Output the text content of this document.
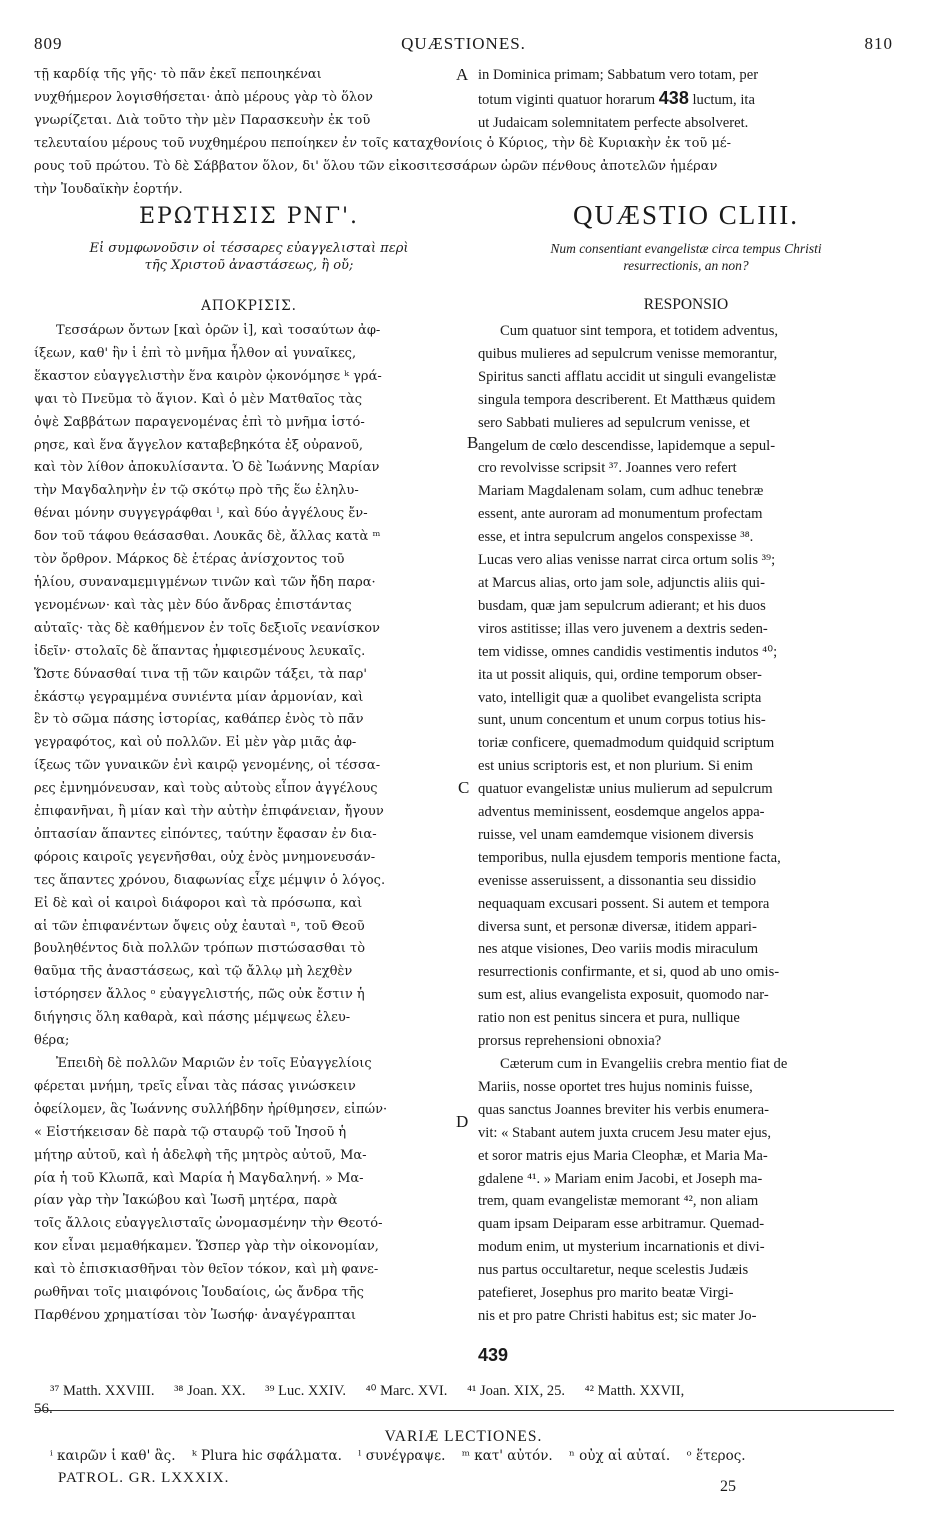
809	QUÆSTIONES.	810

τῇ καρδίᾳ τῆς γῆς· τὸ πᾶν ἐκεῖ πεποιηκέναι

νυχθήμερον λογισθήσεται· ἀπὸ μέρους γὰρ τὸ ὅλον

γνωρίζεται. Διὰ τοῦτο τὴν μὲν Παρασκευὴν ἐκ τοῦ

A in Dominica primam; Sabbatum vero totam, per

totum viginti quatuor horarum 438 luctum, ita

ut Judaicam solemnitatem perfecte absolveret.

τελευταίου μέρους τοῦ νυχθημέρου πεποίηκεν ἐν τοῖς καταχθονίοις ὁ Κύριος, τὴν δὲ Κυριακὴν ἐκ τοῦ μέ-

ρους τοῦ πρώτου. Τὸ δὲ Σάββατον ὅλον, δι' ὅλου τῶν εἰκοσιτεσσάρων ὡρῶν πένθους ἀποτελῶν ἡμέραν

τὴν Ἰουδαϊκὴν ἑορτήν.

ΕΡΩΤΗΣΙΣ ΡΝΓ'.	QUÆSTIO CLIII.
Εἰ συμφωνοῦσιν οἱ τέσσαρες εὐαγγελισταὶ περὶ
τῆς Χριστοῦ ἀναστάσεως, ἢ οὔ;
Num consentiant evangelistæ circa tempus Christi
resurrectionis, an non?
ΑΠΟΚΡΙΣΙΣ.	RESPONSIO

Τεσσάρων ὄντων [καὶ ὁρῶν ἱ], καὶ τοσαύτων ἀφ-

ίξεων, καθ' ἣν ἱ ἐπὶ τὸ μνῆμα ἦλθον αἱ γυναῖκες,

ἕκαστον εὐαγγελιστὴν ἕνα καιρὸν ᾠκονόμησε ᵏ γρά-

ψαι τὸ Πνεῦμα τὸ ἅγιον. Καὶ ὁ μὲν Ματθαῖος τὰς

ὀψὲ Σαββάτων παραγενομένας ἐπὶ τὸ μνῆμα ἱστό-

ρησε, καὶ ἕνα ἄγγελον καταβεβηκότα ἐξ οὐρανοῦ,

καὶ τὸν λίθον ἀποκυλίσαντα. Ὁ δὲ Ἰωάννης Μαρίαν

τὴν Μαγδαληνὴν ἐν τῷ σκότῳ πρὸ τῆς ἕω ἐληλυ-

θέναι μόνην συγγεγράφθαι ˡ, καὶ δύο ἀγγέλους ἔν-

δον τοῦ τάφου θεάσασθαι. Λουκᾶς δὲ, ἄλλας κατὰ ᵐ

τὸν ὄρθρον. Μάρκος δὲ ἑτέρας ἀνίσχοντος τοῦ

ἡλίου, συναναμεμιγμένων τινῶν καὶ τῶν ἤδη παρα·

γενομένων· καὶ τὰς μὲν δύο ἄνδρας ἐπιστάντας

αὐταῖς· τὰς δὲ καθήμενον ἐν τοῖς δεξιοῖς νεανίσκον

ἰδεῖν· στολαῖς δὲ ἅπαντας ἠμφιεσμένους λευκαῖς.

Ὥστε δύνασθαί τινα τῇ τῶν καιρῶν τάξει, τὰ παρ'

ἑκάστῳ γεγραμμένα συνιέντα μίαν ἁρμονίαν, καὶ

ἓν τὸ σῶμα πάσης ἱστορίας, καθάπερ ἑνὸς τὸ πᾶν

γεγραφότος, καὶ οὐ πολλῶν. Εἰ μὲν γὰρ μιᾶς ἀφ-

ίξεως τῶν γυναικῶν ἐνὶ καιρῷ γενομένης, οἱ τέσσα-

ρες ἐμνημόνευσαν, καὶ τοὺς αὐτοὺς εἶπον ἀγγέλους

ἐπιφανῆναι, ἢ μίαν καὶ τὴν αὐτὴν ἐπιφάνειαν, ἤγουν

ὀπτασίαν ἅπαντες εἰπόντες, ταύτην ἔφασαν ἐν δια-

φόροις καιροῖς γεγενῆσθαι, οὐχ ἑνὸς μνημονευσάν-

τες ἅπαντες χρόνου, διαφωνίας εἶχε μέμψιν ὁ λόγος.

Εἰ δὲ καὶ οἱ καιροὶ διάφοροι καὶ τὰ πρόσωπα, καὶ

αἱ τῶν ἐπιφανέντων ὄψεις οὐχ ἑαυταὶ ⁿ, τοῦ Θεοῦ

βουληθέντος διὰ πολλῶν τρόπων πιστώσασθαι τὸ

θαῦμα τῆς ἀναστάσεως, καὶ τῷ ἄλλῳ μὴ λεχθὲν

ἱστόρησεν ἄλλος ᵒ εὐαγγελιστής, πῶς οὐκ ἔστιν ἡ

διήγησις ὅλη καθαρὰ, καὶ πάσης μέμψεως ἐλευ-

θέρα;

Ἐπειδὴ δὲ πολλῶν Μαριῶν ἐν τοῖς Εὐαγγελίοις

φέρεται μνήμη, τρεῖς εἶναι τὰς πάσας γινώσκειν

ὀφείλομεν, ἃς Ἰωάννης συλλήβδην ἠρίθμησεν, εἰπών·

« Εἱστήκεισαν δὲ παρὰ τῷ σταυρῷ τοῦ Ἰησοῦ ἡ

μήτηρ αὐτοῦ, καὶ ἡ ἀδελφὴ τῆς μητρὸς αὐτοῦ, Μα-

ρία ἡ τοῦ Κλωπᾶ, καὶ Μαρία ἡ Μαγδαληνή. » Μα-

ρίαν γὰρ τὴν Ἰακώβου καὶ Ἰωσῆ μητέρα, παρὰ

τοῖς ἄλλοις εὐαγγελισταῖς ὠνομασμένην τὴν Θεοτό-

κον εἶναι μεμαθήκαμεν. Ὥσπερ γὰρ τὴν οἰκονομίαν,

καὶ τὸ ἐπισκιασθῆναι τὸν θεῖον τόκον, καὶ μὴ φανε-

ρωθῆναι τοῖς μιαιφόνοις Ἰουδαίοις, ὡς ἄνδρα τῆς

Παρθένου χρηματίσαι τὸν Ἰωσήφ· ἀναγέγραπται

Cum quatuor sint tempora, et totidem adventus,

quibus mulieres ad sepulcrum venisse memorantur,

Spiritus sancti afflatu accidit ut singuli evangelistæ

singula tempora describerent. Et Matthæus quidem

sero Sabbati mulieres ad sepulcrum venisse, et

angelum de cœlo descendisse, lapidemque a sepul-

cro revolvisse scripsit ³⁷. Joannes vero refert

Mariam Magdalenam solam, cum adhuc tenebræ

essent, ante auroram ad monumentum profectam

esse, et intra sepulcrum angelos conspexisse ³⁸.

Lucas vero alias venisse narrat circa ortum solis ³⁹;

at Marcus alias, orto jam sole, adjunctis aliis qui-

busdam, quæ jam sepulcrum adierant; et his duos

viros astitisse; illas vero juvenem a dextris seden-

tem vidisse, omnes candidis vestimentis indutos ⁴⁰;

ita ut possit aliquis, qui, ordine temporum obser-

vato, intelligit quæ a quolibet evangelista scripta

sunt, unum concentum et unum corpus totius his-

toriæ conficere, quemadmodum quidquid scriptum

est unius scriptoris est, et non plurium. Si enim

quatuor evangelistæ unius mulierum ad sepulcrum

adventus meminissent, eosdemque angelos appa-

ruisse, vel unam eamdemque visionem diversis

temporibus, nulla ejusdem temporis mentione facta,

evenisse asseruissent, a dissonantia seu dissidio

nequaquam excusari possent. Si autem et tempora

diversa sunt, et personæ diversæ, itidem appari-

nes atque visiones, Deo variis modis miraculum

resurrectionis confirmante, et si, quod ab uno omis-

sum est, alius evangelista exposuit, quomodo nar-

ratio non est penitus sincera et pura, nullique

prorsus reprehensioni obnoxia?

Cæterum cum in Evangeliis crebra mentio fiat de

Mariis, nosse oportet tres hujus nominis fuisse,

quas sanctus Joannes breviter his verbis enumera-

vit: « Stabant autem juxta crucem Jesu mater ejus,

et soror matris ejus Maria Cleophæ, et Maria Ma-

gdalene ⁴¹. » Mariam enim Jacobi, et Joseph ma-

trem, quam evangelistæ memorant ⁴², non aliam

quam ipsam Deiparam esse arbitramur. Quemad-

modum enim, ut mysterium incarnationis et divi-

nus partus occultaretur, neque scelestis Judæis

patefieret, Josephus pro marito beatæ Virgi-

nis et pro patre Christi habitus est; sic mater Jo-

B
C
D
439
³⁷ Matth. XXVIII. ³⁸ Joan. XX. ³⁹ Luc. XXIV. ⁴⁰ Marc. XVI. ⁴¹ Joan. XIX, 25. ⁴² Matth. XXVII,
56.
VARIÆ LECTIONES.
ⁱ καιρῶν ἱ καθ' ἃς. ᵏ Plura hic σφάλματα. ˡ συνέγραψε. ᵐ κατ' αὐτόν. ⁿ οὐχ αἱ αὐταί. ᵒ ἕτερος.
PATROL. GR. LXXXIX.	25
